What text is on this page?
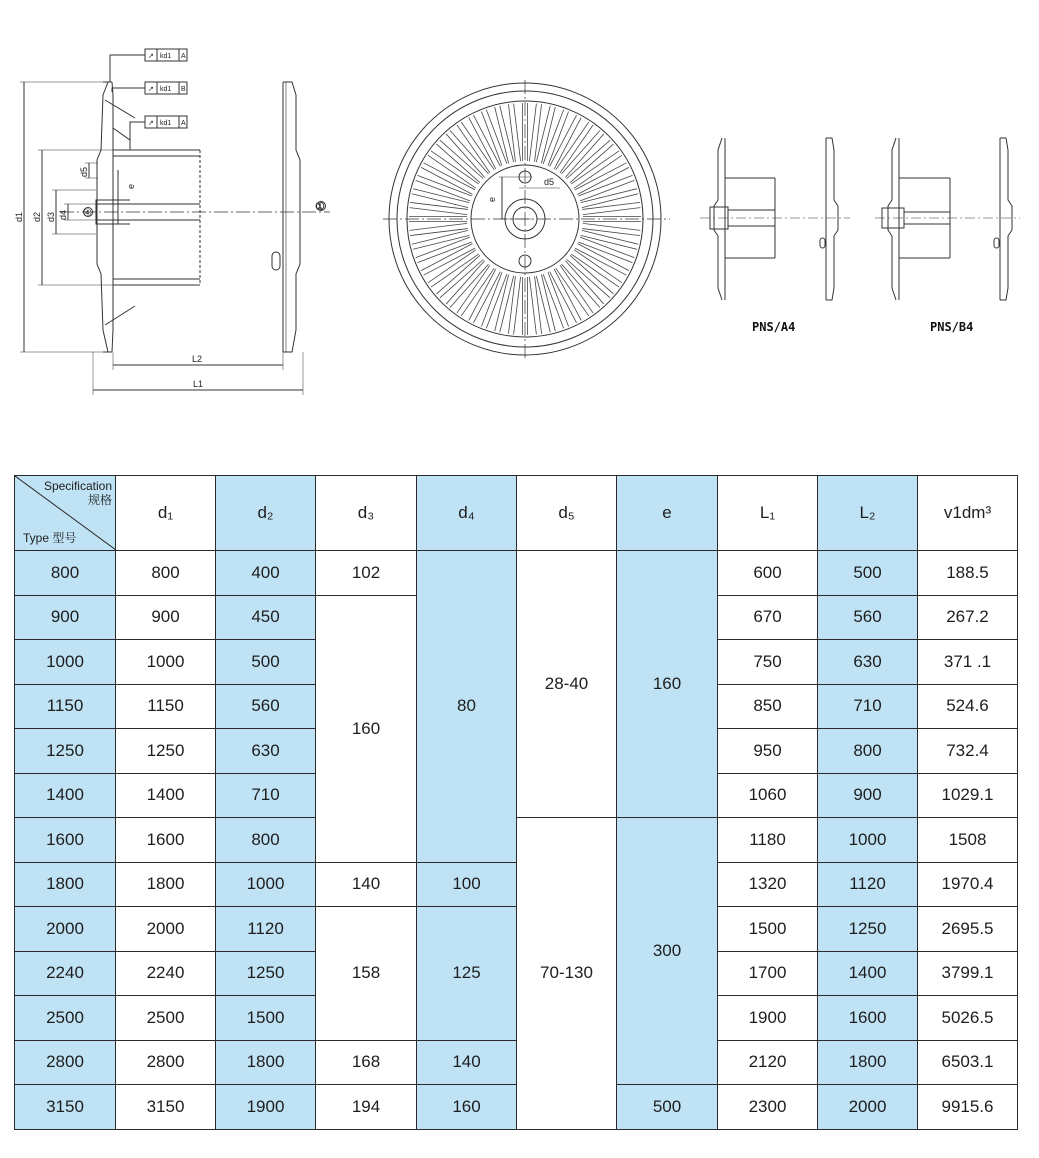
d1 d2 d3 d4
d5
e
L2
L1
d5
e
①
④
↗ kd1 A
↗ kd1 B
↗ kd1 A
PNS/A4	PNS/B4
Specification
规格
Type 型号	d₁	d₂	d₃	d₄	d₅	e	L₁	L₂	v1dm³
800	800	400	102	80	28-40	160	600	500	188.5
900	900	450	160				670	560	267.2
1000	1000	500					750	630	371 .1
1150	1150	560					850	710	524.6
1250	1250	630					950	800	732.4
1400	1400	710					1060	900	1029.1
1600	1600	800			70-130	300	1180	1000	1508
1800	1800	1000	140	100			1320	1120	1970.4
2000	2000	1120	158	125			1500	1250	2695.5
2240	2240	1250					1700	1400	3799.1
2500	2500	1500					1900	1600	5026.5
2800	2800	1800	168	140			2120	1800	6503.1
3150	3150	1900	194	160		500	2300	2000	9915.6
